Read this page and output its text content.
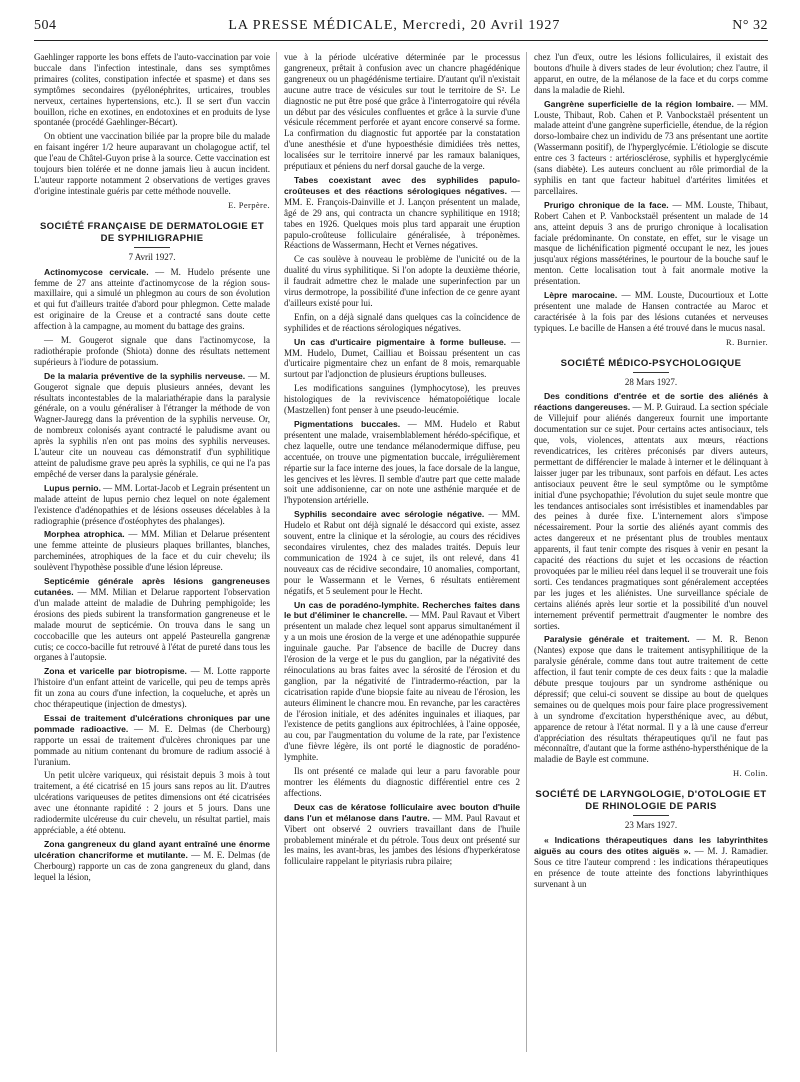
504	LA PRESSE MÉDICALE, Mercredi, 20 Avril 1927	N° 32

Gaehlinger rapporte les bons effets de l'auto-vaccination par voie buccale dans l'infection intestinale, dans ses symptômes primaires (colites, constipation infectée et spasme) et dans ses symptômes secondaires (pyélonéphrites, urticaires, troubles nerveux, certaines hypertensions, etc.). Il se sert d'un vaccin bouillon, riche en exotines, en endotoxines et en produits de lyse spontanée (procédé Gaehlinger-Bécart).

On obtient une vaccination biliée par la propre bile du malade en faisant ingérer 1/2 heure auparavant un cholagogue actif, tel que l'eau de Châtel-Guyon prise à la source. Cette vaccination est toujours bien tolérée et ne donne jamais lieu à aucun incident. L'auteur rapporte notamment 2 observations de vertiges graves d'origine intestinale guéris par cette méthode nouvelle.

E. Perpère.
SOCIÉTÉ FRANÇAISE DE DERMATOLOGIE ET DE SYPHILIGRAPHIE
7 Avril 1927.

Actinomycose cervicale. — M. Hudelo présente une femme de 27 ans atteinte d'actinomycose de la région sous-maxillaire, qui a simulé un phlegmon au cours de son évolution et qui fut d'ailleurs traitée d'abord pour phlegmon. Cette malade est originaire de la Creuse et a contracté sans doute cette affection à la campagne, au moment du battage des grains.

— M. Gougerot signale que dans l'actinomycose, la radiothérapie profonde (Shiota) donne des résultats nettement supérieurs à l'iodure de potassium.

De la malaria préventive de la syphilis nerveuse. — M. Gougerot signale que depuis plusieurs années, devant les résultats incontestables de la malariathérapie dans la paralysie générale, on a voulu généraliser à l'étranger la méthode de von Wagner-Jauregg dans la prévention de la syphilis nerveuse. Or, de nombreux colonisés ayant contracté le paludisme avant ou après la syphilis n'en ont pas moins des syphilis nerveuses. L'auteur cite un nouveau cas démonstratif d'un syphilitique atteint de paludisme grave peu après la syphilis, ce qui ne l'a pas empêché de verser dans la paralysie générale.

Lupus pernio. — MM. Lortat-Jacob et Legrain présentent un malade atteint de lupus pernio chez lequel on note également l'existence d'adénopathies et de lésions osseuses décelables à la radiographie (présence d'ostéophytes des phalanges).

Morphea atrophica. — MM. Milian et Delarue présentent une femme atteinte de plusieurs plaques brillantes, blanches, parcheminées, atrophiques de la face et du cuir chevelu; ils soulèvent l'hypothèse possible d'une lésion lépreuse.

Septicémie générale après lésions gangreneuses cutanées. — MM. Milian et Delarue rapportent l'observation d'un malade atteint de maladie de Duhring pemphigoïde; les érosions des pieds subirent la transformation gangreneuse et le malade mourut de septicémie. On trouva dans le sang un coccobacille que les auteurs ont appelé Pasteurella gangrenæ cutis; ce cocco-bacille fut retrouvé à l'état de pureté dans tous les organes à l'autopsie.

Zona et varicelle par biotropisme. — M. Lotte rapporte l'histoire d'un enfant atteint de varicelle, qui peu de temps après fit un zona au cours d'une infection, la coqueluche, et après un choc thérapeutique (injection de dmestys).

Essai de traitement d'ulcérations chroniques par une pommade radioactive. — M. E. Delmas (de Cherbourg) rapporte un essai de traitement d'ulcères chroniques par une pommade au nitium contenant du bromure de radium associé à l'uranium.

Un petit ulcère variqueux, qui résistait depuis 3 mois à tout traitement, a été cicatrisé en 15 jours sans repos au lit. D'autres ulcérations variqueuses de petites dimensions ont été cicatrisées avec une étonnante rapidité : 2 jours et 5 jours. Dans une radiodermite ulcéreuse du cuir chevelu, un résultat partiel, mais appréciable, a été obtenu.

Zona gangreneux du gland ayant entraîné une énorme ulcération chancriforme et mutilante. — M. E. Delmas (de Cherbourg) rapporte un cas de zona gangreneux du gland, dans lequel la lésion,

vue à la période ulcérative déterminée par le processus gangreneux, prêtait à confusion avec un chancre phagédénique gangreneux ou un phagédénisme tertiaire. D'autant qu'il n'existait aucune autre trace de vésicules sur tout le territoire de S². Le diagnostic ne put être posé que grâce à l'interrogatoire qui révéla un début par des vésicules confluentes et grâce à la survie d'une vésicule récemment perforée et ayant encore conservé sa forme. La confirmation du diagnostic fut apportée par la constatation d'une anesthésie et d'une hypoesthésie dimidiées très nettes, localisées sur le territoire innervé par les ramaux balaniques, préputiaux et péniens du nerf dorsal gauche de la verge.

Tabes coexistant avec des syphilides papulo-croûteuses et des réactions sérologiques négatives. — MM. E. François-Dainville et J. Lançon présentent un malade, âgé de 29 ans, qui contracta un chancre syphilitique en 1918; tabes en 1926. Quelques mois plus tard apparait une éruption papulo-croûteuse folliculaire généralisée, à tréponèmes. Réactions de Wassermann, Hecht et Vernes négatives.

Ce cas soulève à nouveau le problème de l'unicité ou de la dualité du virus syphilitique. Si l'on adopte la deuxième théorie, il faudrait admettre chez le malade une superinfection par un virus dermotrope, la possibilité d'une infection de ce genre ayant d'ailleurs existé pour lui.

Enfin, on a déjà signalé dans quelques cas la coïncidence de syphilides et de réactions sérologiques négatives.

Un cas d'urticaire pigmentaire à forme bulleuse. — MM. Hudelo, Dumet, Cailliau et Boissau présentent un cas d'urticaire pigmentaire chez un enfant de 8 mois, remarquable surtout par l'adjonction de plusieurs éruptions bulleuses.

Les modifications sanguines (lymphocytose), les preuves histologiques de la reviviscence hématopoïétique locale (Mastzellen) font penser à une pseudo-leucémie.

Pigmentations buccales. — MM. Hudelo et Rabut présentent une malade, vraisemblablement hérédo-spécifique, et chez laquelle, outre une tendance mélanodermique diffuse, peu accentuée, on trouve une pigmentation buccale, irrégulièrement répartie sur la face interne des joues, la face dorsale de la langue, les gencives et les lèvres. Il semble d'autre part que cette malade soit une addisonienne, car on note une asthénie marquée et de l'hypotension artérielle.

Syphilis secondaire avec sérologie négative. — MM. Hudelo et Rabut ont déjà signalé le désaccord qui existe, assez souvent, entre la clinique et la sérologie, au cours des récidives secondaires virulentes, chez des malades traités. Depuis leur communication de 1924 à ce sujet, ils ont relevé, dans 41 nouveaux cas de récidive secondaire, 10 anomalies, comportant, pour le Wassermann et le Vernes, 6 résultats entièrement négatifs, et 5 seulement pour le Hecht.

Un cas de poradéno-lymphite. Recherches faites dans le but d'éliminer le chancrelle. — MM. Paul Ravaut et Vibert présentent un malade chez lequel sont apparus simultanément il y a un mois une érosion de la verge et une adénopathie suppurée inguinale gauche. Par l'absence de bacille de Ducrey dans l'érosion de la verge et le pus du ganglion, par la négativité des réinoculations au bras faites avec la sérosité de l'érosion et du ganglion, par la négativité de l'intradermo-réaction, par la cicatrisation rapide d'une biopsie faite au niveau de l'érosion, les auteurs éliminent le chancre mou. En revanche, par les caractères de l'érosion initiale, et des adénites inguinales et iliaques, par l'existence de petits ganglions aux épitrochlées, à l'aine opposée, au cou, par l'augmentation du volume de la rate, par l'existence d'une fièvre légère, ils ont porté le diagnostic de poradéno-lymphite.

Ils ont présenté ce malade qui leur a paru favorable pour montrer les éléments du diagnostic différentiel entre ces 2 affections.

Deux cas de kératose folliculaire avec bouton d'huile dans l'un et mélanose dans l'autre. — MM. Paul Ravaut et Vibert ont observé 2 ouvriers travaillant dans de l'huile probablement minérale et du pétrole. Tous deux ont présenté sur les mains, les avant-bras, les jambes des lésions d'hyperkératose folliculaire rappelant le pityriasis rubra pilaire;

chez l'un d'eux, outre les lésions folliculaires, il existait des boutons d'huile à divers stades de leur évolution; chez l'autre, il apparut, en outre, de la mélanose de la face et du corps comme dans la maladie de Riehl.

Gangrène superficielle de la région lombaire. — MM. Louste, Thibaut, Rob. Cahen et P. Vanbockstaël présentent un malade atteint d'une gangrène superficielle, étendue, de la région dorso-lombaire chez un individu de 73 ans présentant une aortite (Wassermann positif), de l'hyperglycémie. L'étiologie se discute entre ces 3 facteurs : artériosclérose, syphilis et hyperglycémie (sans diabète). Les auteurs concluent au rôle primordial de la syphilis en tant que facteur habituel d'artérites limitées et parcellaires.

Prurigo chronique de la face. — MM. Louste, Thibaut, Robert Cahen et P. Vanbockstaël présentent un malade de 14 ans, atteint depuis 3 ans de prurigo chronique à localisation faciale prédominante. On constate, en effet, sur le visage un masque de lichénification pigmenté occupant le nez, les joues jusqu'aux régions massétérines, le pourtour de la bouche sauf le menton. Cette localisation tout à fait anormale motive la présentation.

Lèpre marocaine. — MM. Louste, Ducourtioux et Lotte présentent une malade de Hansen contractée au Maroc et caractérisée à la fois par des lésions cutanées et nerveuses typiques. Le bacille de Hansen a été trouvé dans le mucus nasal.

R. Burnier.
SOCIÉTÉ MÉDICO-PSYCHOLOGIQUE
28 Mars 1927.

Des conditions d'entrée et de sortie des aliénés à réactions dangereuses. — M. P. Guiraud. La section spéciale de Villejuif pour aliénés dangereux fournit une importante documentation sur ce sujet. Pour certains actes antisociaux, tels que, vols, violences, attentats aux mœurs, réactions revendicatrices, les critères préconisés par divers auteurs, permettant de différencier le malade à interner et le délinquant à laisser juger par les tribunaux, sont parfois en défaut. Les actes antisociaux peuvent être le seul symptôme ou le symptôme initial d'une psychopathie; l'évolution du sujet seule montre que les tendances antisociales sont irrésistibles et inamendables par des peines à durée fixe. L'internement alors s'impose nécessairement. Pour la sortie des aliénés ayant commis des actes dangereux et ne présentant plus de troubles mentaux apparents, il faut tenir compte des risques à venir en pesant la capacité des réactions du sujet et les occasions de réaction provoquées par le milieu réel dans lequel il se trouverait une fois sorti. Ces tendances pragmatiques sont généralement acceptées par les juges et les aliénistes. Une surveillance spéciale de certains aliénés après leur sortie et la possibilité d'un nouvel internement préventif permettrait d'augmenter le nombre des sorties.

Paralysie générale et traitement. — M. R. Benon (Nantes) expose que dans le traitement antisyphilitique de la paralysie générale, comme dans tout autre traitement de cette affection, il faut tenir compte de ces deux faits : que la maladie débute presque toujours par un syndrome asthénique ou dépressif; que celui-ci souvent se dissipe au bout de quelques semaines ou de quelques mois pour faire place progressivement à un syndrome d'excitation hypersthénique avec, au début, apparence de retour à l'état normal. Il y a là une cause d'erreur d'appréciation des résultats thérapeutiques qu'il ne faut pas méconnaître, d'autant que la forme asthéno-hypersthénique de la maladie de Bayle est commune.

H. Colin.
SOCIÉTÉ DE LARYNGOLOGIE, D'OTOLOGIE ET DE RHINOLOGIE DE PARIS
23 Mars 1927.

« Indications thérapeutiques dans les labyrinthites aiguës au cours des otites aiguës ». — M. J. Ramadier. Sous ce titre l'auteur comprend : les indications thérapeutiques en présence de toute atteinte des fonctions labyrinthiques survenant à un
